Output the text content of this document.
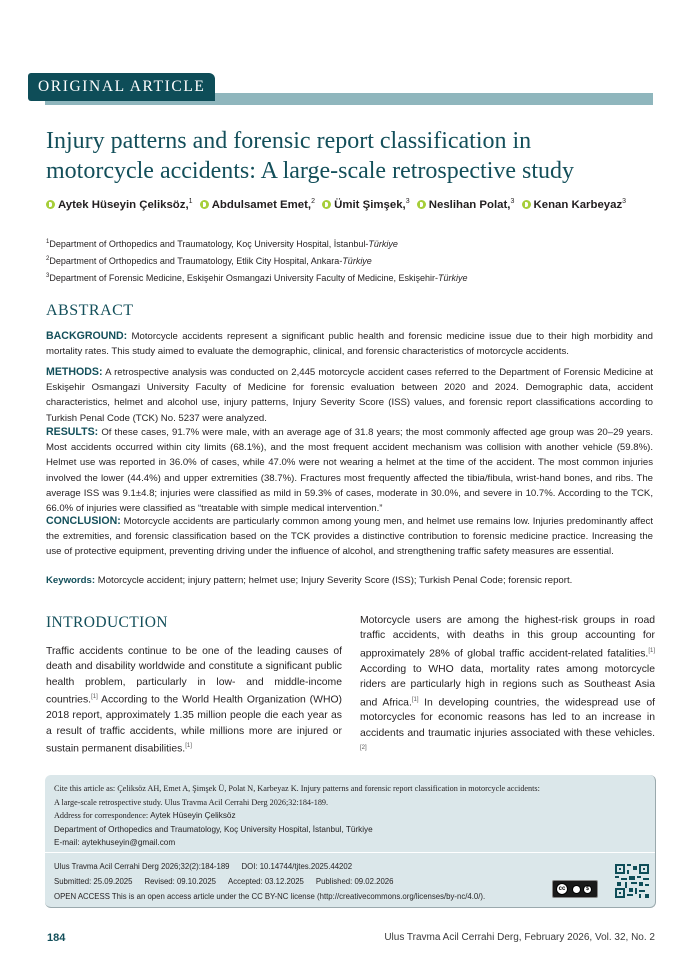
ORIGINAL ARTICLE
Injury patterns and forensic report classification in
motorcycle accidents: A large-scale retrospective study
Aytek Hüseyin Çeliksöz,$^1$ Abdulsamet Emet,$^2$ Ümit Şimşek,$^3$ Neslihan Polat,$^3$ Kenan Karbeyaz$^3$
$^1$Department of Orthopedics and Traumatology, Koç University Hospital, İstanbul-Türkiye
$^2$Department of Orthopedics and Traumatology, Etlik City Hospital, Ankara-Türkiye
$^3$Department of Forensic Medicine, Eskişehir Osmangazi University Faculty of Medicine, Eskişehir-Türkiye
ABSTRACT
BACKGROUND: Motorcycle accidents represent a significant public health and forensic medicine issue due to their high morbidity and mortality rates. This study aimed to evaluate the demographic, clinical, and forensic characteristics of motorcycle accidents.
METHODS: A retrospective analysis was conducted on 2,445 motorcycle accident cases referred to the Department of Forensic Medicine at Eskişehir Osmangazi University Faculty of Medicine for forensic evaluation between 2020 and 2024. Demographic data, accident characteristics, helmet and alcohol use, injury patterns, Injury Severity Score (ISS) values, and forensic report classifications according to Turkish Penal Code (TCK) No. 5237 were analyzed.
RESULTS: Of these cases, 91.7% were male, with an average age of 31.8 years; the most commonly affected age group was 20–29 years. Most accidents occurred within city limits (68.1%), and the most frequent accident mechanism was collision with another vehicle (59.8%). Helmet use was reported in 36.0% of cases, while 47.0% were not wearing a helmet at the time of the accident. The most common injuries involved the lower (44.4%) and upper extremities (38.7%). Fractures most frequently affected the tibia/fibula, wrist-hand bones, and ribs. The average ISS was 9.1±4.8; injuries were classified as mild in 59.3% of cases, moderate in 30.0%, and severe in 10.7%. According to the TCK, 66.0% of injuries were classified as “treatable with simple medical intervention.”
CONCLUSION: Motorcycle accidents are particularly common among young men, and helmet use remains low. Injuries predominantly affect the extremities, and forensic classification based on the TCK provides a distinctive contribution to forensic medicine practice. Increasing the use of protective equipment, preventing driving under the influence of alcohol, and strengthening traffic safety measures are essential.
Keywords: Motorcycle accident; injury pattern; helmet use; Injury Severity Score (ISS); Turkish Penal Code; forensic report.
INTRODUCTION
Traffic accidents continue to be one of the leading causes of death and disability worldwide and constitute a significant public health problem, particularly in low- and middle-income countries.[1] According to the World Health Organization (WHO) 2018 report, approximately 1.35 million people die each year as a result of traffic accidents, while millions more are injured or sustain permanent disabilities.[1]
Motorcycle users are among the highest-risk groups in road traffic accidents, with deaths in this group accounting for approximately 28% of global traffic accident-related fatalities.[1] According to WHO data, mortality rates among motorcycle riders are particularly high in regions such as Southeast Asia and Africa.[1] In developing countries, the widespread use of motorcycles for economic reasons has led to an increase in accidents and traumatic injuries associated with these vehicles.[2]
Cite this article as: Çeliksöz AH, Emet A, Şimşek Ü, Polat N, Karbeyaz K. Injury patterns and forensic report classification in motorcycle accidents:
A large-scale retrospective study. Ulus Travma Acil Cerrahi Derg 2026;32:184-189.
Address for correspondence: Aytek Hüseyin Çeliksöz
Department of Orthopedics and Traumatology, Koç University Hospital, İstanbul, Türkiye
E-mail: aytekhuseyin@gmail.com
Ulus Travma Acil Cerrahi Derg 2026;32(2):184-189 DOI: 10.14744/tjtes.2025.44202
Submitted: 25.09.2025 Revised: 09.10.2025 Accepted: 03.12.2025 Published: 09.02.2026
OPEN ACCESS This is an open access article under the CC BY-NC license (http://creativecommons.org/licenses/by-nc/4.0/).
cc	$
184	Ulus Travma Acil Cerrahi Derg, February 2026, Vol. 32, No. 2
